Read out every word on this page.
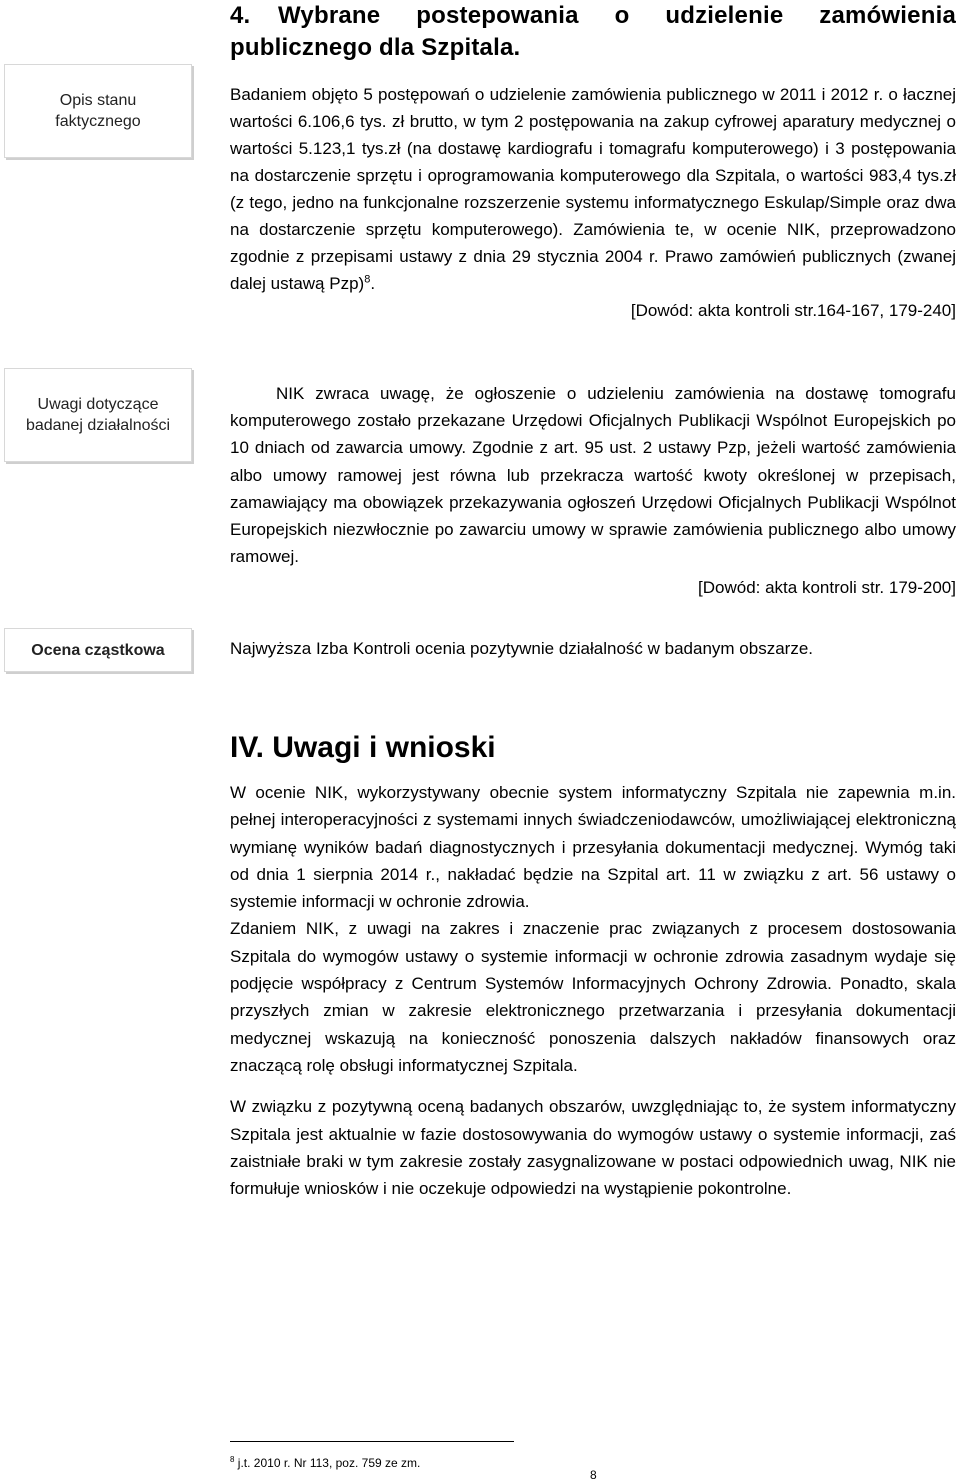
4. Wybrane postepowania o udzielenie zamówienia publicznego dla Szpitala.
Opis stanu
faktycznego
Uwagi dotyczące
badanej działalności
Ocena cząstkowa

Badaniem objęto 5 postępowań o udzielenie zamówienia publicznego w 2011 i 2012 r. o łacznej wartości 6.106,6 tys. zł brutto, w tym 2 postępowania na zakup cyfrowej aparatury medycznej o wartości 5.123,1 tys.zł (na dostawę kardiografu i tomagrafu komputerowego) i 3 postępowania na dostarczenie sprzętu i oprogramowania komputerowego dla Szpitala, o wartości 983,4 tys.zł (z tego, jedno na funkcjonalne rozszerzenie systemu informatycznego Eskulap/Simple oraz dwa na dostarczenie sprzętu komputerowego). Zamówienia te, w ocenie NIK, przeprowadzono zgodnie z przepisami ustawy z dnia 29 stycznia 2004 r. Prawo zamówień publicznych (zwanej dalej ustawą Pzp)$^8$.

[Dowód: akta kontroli str.164-167, 179-240]

NIK zwraca uwagę, że ogłoszenie o udzieleniu zamówienia na dostawę tomografu komputerowego zostało przekazane Urzędowi Oficjalnych Publikacji Wspólnot Europejskich po 10 dniach od zawarcia umowy. Zgodnie z art. 95 ust. 2 ustawy Pzp, jeżeli wartość zamówienia albo umowy ramowej jest równa lub przekracza wartość kwoty określonej w przepisach, zamawiający ma obowiązek przekazywania ogłoszeń Urzędowi Oficjalnych Publikacji Wspólnot Europejskich niezwłocznie po zawarciu umowy w sprawie zamówienia publicznego albo umowy ramowej.

[Dowód: akta kontroli str. 179-200]

Najwyższa Izba Kontroli ocenia pozytywnie działalność w badanym obszarze.

IV. Uwagi i wnioski

W ocenie NIK, wykorzystywany obecnie system informatyczny Szpitala nie zapewnia m.in. pełnej interoperacyjności z systemami innych świadczeniodawców, umożliwiającej elektroniczną wymianę wyników badań diagnostycznych i przesyłania dokumentacji medycznej. Wymóg taki od dnia 1 sierpnia 2014 r., nakładać będzie na Szpital art. 11 w związku z art. 56 ustawy o systemie informacji w ochronie zdrowia.

Zdaniem NIK, z uwagi na zakres i znaczenie prac związanych z procesem dostosowania Szpitala do wymogów ustawy o systemie informacji w ochronie zdrowia zasadnym wydaje się podjęcie współpracy z Centrum Systemów Informacyjnych Ochrony Zdrowia. Ponadto, skala przyszłych zmian w zakresie elektronicznego przetwarzania i przesyłania dokumentacji medycznej wskazują na konieczność ponoszenia dalszych nakładów finansowych oraz znaczącą rolę obsługi informatycznej Szpitala.

W związku z pozytywną oceną badanych obszarów, uwzględniając to, że system informatyczny Szpitala jest aktualnie w fazie dostosowywania do wymogów ustawy o systemie informacji, zaś zaistniałe braki w tym zakresie zostały zasygnalizowane w postaci odpowiednich uwag, NIK nie formułuje wniosków i nie oczekuje odpowiedzi na wystąpienie pokontrolne.

$^8$ j.t. 2010 r. Nr 113, poz. 759 ze zm.
8
